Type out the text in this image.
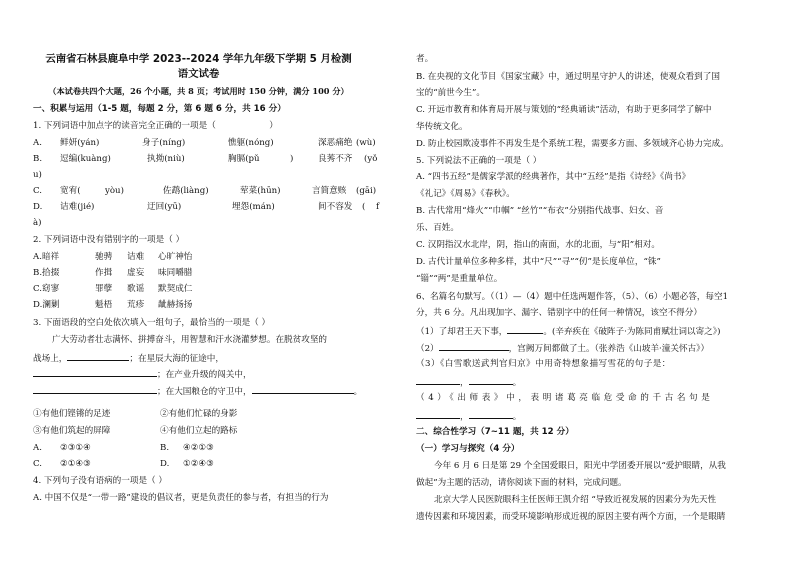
云南省石林县鹿阜中学 2023--2024 学年九年级下学期 5 月检测
语文试卷
（本试卷共四个大题，26 个小题，共 8 页；考试用时 150 分钟，满分 100 分）
一、积累与运用（1-5 题，每题 2 分，第 6 题 6 分，共 16 分）
1. 下列词语中加点字的读音完全正确的一项是（	）
A. 鲜妍(yán)	身子(níng)	憔躯(nóng)	深恶痛绝 (wù)
B. 逗编(kuàng)	执拗(niù)	胸膈(pǔ	)	良莠不齐 (yǒ
u)
C. 宽宥(	yòu)	佐鹉(liàng)	荤菜(hūn)	言简意赅 (gāi)
D. 诘难(jié)	迂回(yū)	埋怨(mán)	间不容发 ( f
à)
2. 下列词语中没有错别字的一项是（ ）
A.暗祥	驰骋 诘难 心旷神怡
B.拾掇	作揖 虚妄 味同嚼腊
C.窈寥	罪孽 歌谣 默契成仁
D.澜剿	魁梧 荒疹 龇赫扬扬
3. 下面语段的空白处依次填入一组句子，最恰当的一项是（ ）
广大劳动者壮志满怀、拼搏奋斗，用智慧和汗水浇灌梦想。在脱贫攻坚的
战场上，	；在星辰大海的征途中，
；在产业升级的闯关中，
；在大国粮仓的守卫中，	。
①有他们铿锵的足迹	②有他们忙碌的身影
③有他们筑起的屏障	④有他们立起的路标
A. ②③①④	B. ④②①③
C. ②①④③	D. ①②④③
4. 下列句子没有语病的一项是（ ）
A. 中国不仅是“一带一路”建设的倡议者，更是负责任的参与者，有担当的行为
者。
B. 在央视的文化节目《国家宝藏》中，通过明星守护人的讲述，使观众看到了国
宝的“前世今生”。
C. 开远市教育和体育局开展与策划的“经典诵读”活动，有助于更多同学了解中
华传统文化。
D. 防止校园欺凌事件不再发生是个系统工程，需要多方面、多领域齐心协力完成。
5. 下列说法不正确的一项是（ ）
A. “四书五经”是儒家学派的经典著作，其中“五经”是指《诗经》《尚书》
《礼记》《周易》《春秋》。
B. 古代常用“烽火”“巾帼” “丝竹”“布衣”分别指代战事、妇女、音
乐、百姓。
C. 汉阴指汉水北岸，阴，指山的南面，水的北面，与“阳”相对。
D. 古代计量单位多种多样，其中“尺”“寻”“仞”是长度单位，“铢”
“锱”“两”是重量单位。
6、名篇名句默写。（（1）—（4）题中任选两题作答，（5）、（6）小题必答，每空1
分，共 6 分。凡出现加字、漏字、错别字中的任何一种情况，该空不得分）
（1）了却君王天下事，	。(辛弃疾在《破阵子·为陈同甫赋壮词以寄之》)
（2）	，宫阙万间都做了土。（张养浩《山坡羊·潼关怀古》）
（3）《白雪歌送武判官归京》中用奇特想象描写雪花的句子是：
，	。
（4）《出师表》中，表明诸葛亮临危受命的千古名句是
，	。
二、综合性学习（7~11 题，共 12 分）
（一）学习与探究（4 分）
今年 6 月 6 日是第 29 个全国爱眼日，阳光中学团委开展以“爱护眼睛，从我
做起”为主题的活动，请你阅读下面的材料，完成问题。
北京大学人民医院眼科主任医师王凯介绍 “导致近视发展的因素分为先天性
遗传因素和环境因素，而受环境影响形成近视的原因主要有两个方面，一个是眼睛
